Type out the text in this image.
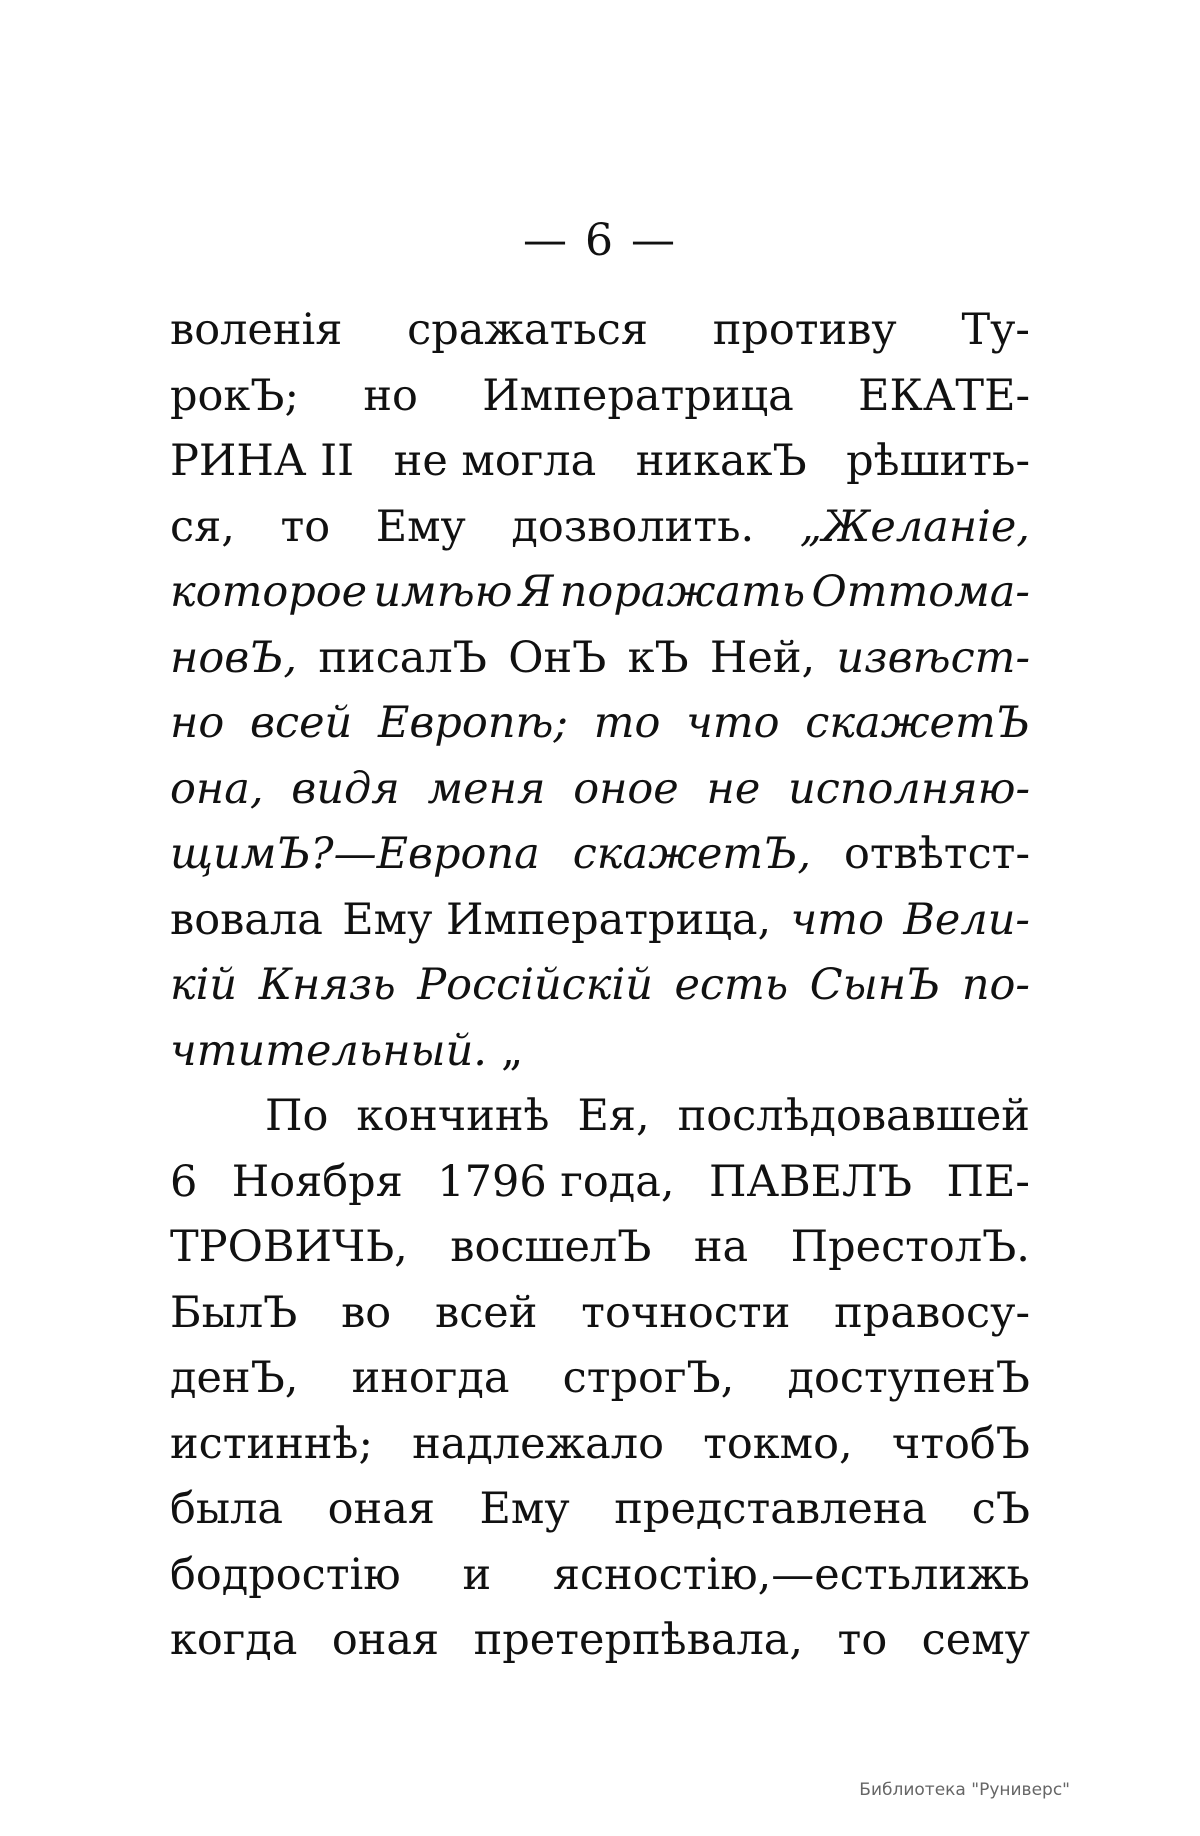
— 6 —
воленія сражаться противу Ту-
рокЪ; но Императрица ЕКАТЕ-
РИНА II не могла никакЪ рѣшить-
ся, то Ему дозволить. „Желаніе,
которое имѣю Я поражать Оттома-
новЪ, писалЪ ОнЪ кЪ Ней, извѣст-
но всей Европѣ; то что скажетЪ
она, видя меня оное не исполняю-
щимЪ?—Европа скажетЪ, отвѣтст-
вовала Ему Императрица, что Вели-
кій Князь Россійскій есть СынЪ по-
чтительный. „
По кончинѣ Ея, послѣдовавшей
6 Ноября 1796 года, ПАВЕЛЪ ПЕ-
ТРОВИЧЬ, восшелЪ на ПрестолЪ.
БылЪ во всей точности правосу-
денЪ, иногда строгЪ, доступенЪ
истиннѣ; надлежало токмо, чтобЪ
была оная Ему представлена сЪ
бодростію и ясностію,—естьлижь
когда оная претерпѣвала, то сему
Библиотека "Руниверс"
